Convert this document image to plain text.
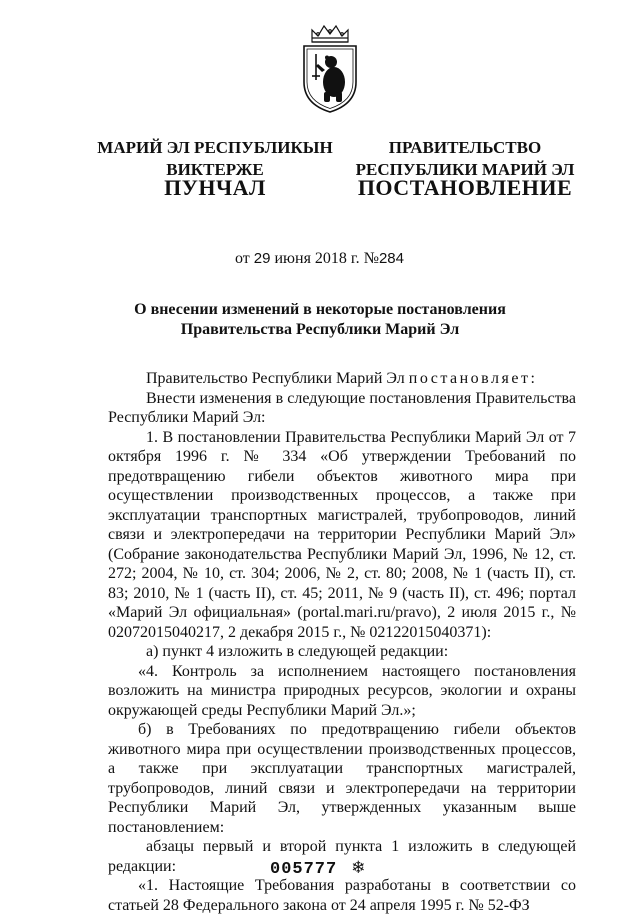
МАРИЙ ЭЛ РЕСПУБЛИКЫН
ВИКТЕРЖЕ
ПУНЧАЛ
ПРАВИТЕЛЬСТВО
РЕСПУБЛИКИ МАРИЙ ЭЛ
ПОСТАНОВЛЕНИЕ
от 29 июня 2018 г. №284
О внесении изменений в некоторые постановления
Правительства Республики Марий Эл

Правительство Республики Марий Эл постановляет:

Внести изменения в следующие постановления Правительства Республики Марий Эл:

1. В постановлении Правительства Республики Марий Эл от 7 октября 1996 г. № 334 «Об утверждении Требований по предотвращению гибели объектов животного мира при осуществлении производственных процессов, а также при эксплуатации транспортных магистралей, трубопроводов, линий связи и электропередачи на территории Республики Марий Эл» (Собрание законодательства Республики Марий Эл, 1996, № 12, ст. 272; 2004, № 10, ст. 304; 2006, № 2, ст. 80; 2008, № 1 (часть II), ст. 83; 2010, № 1 (часть II), ст. 45; 2011, № 9 (часть II), ст. 496; портал «Марий Эл официальная» (portal.mari.ru/pravo), 2 июля 2015 г., № 02072015040217, 2 декабря 2015 г., № 02122015040371):

а) пункт 4 изложить в следующей редакции:

«4. Контроль за исполнением настоящего постановления возложить на министра природных ресурсов, экологии и охраны окружающей среды Республики Марий Эл.»;

б) в Требованиях по предотвращению гибели объектов животного мира при осуществлении производственных процессов, а также при эксплуатации транспортных магистралей, трубопроводов, линий связи и электропередачи на территории Республики Марий Эл, утвержденных указанным выше постановлением:

абзацы первый и второй пункта 1 изложить в следующей редакции:

«1. Настоящие Требования разработаны в соответствии со статьей 28 Федерального закона от 24 апреля 1995 г. № 52-ФЗ

005777 ❄
